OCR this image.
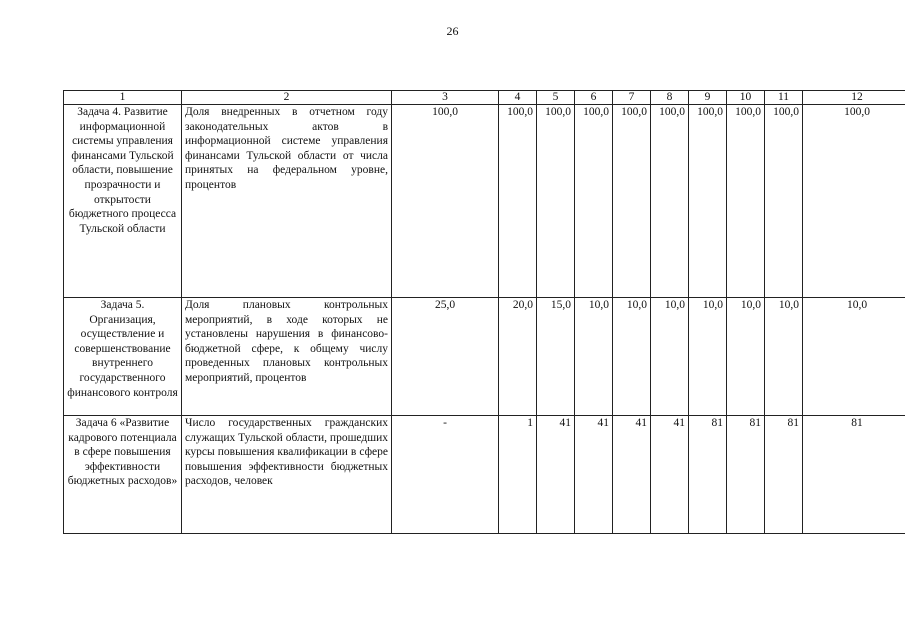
26
1	2	3	4	5	6	7	8	9	10	11	12
Задача 4. Развитие информационной системы управления финансами Тульской области, повышение прозрачности и открытости бюджетного процесса Тульской области	Доля внедренных в отчетном году законодательных актов в информационной системе управления финансами Тульской области от числа принятых на федеральном уровне, процентов	100,0	100,0	100,0	100,0	100,0	100,0	100,0	100,0	100,0	100,0
Задача 5. Организация, осуществление и совершенствование внутреннего государственного финансового контроля	Доля плановых контрольных мероприятий, в ходе которых не установлены нарушения в финансово-бюджетной сфере, к общему числу проведенных плановых контрольных мероприятий, процентов	25,0	20,0	15,0	10,0	10,0	10,0	10,0	10,0	10,0	10,0
Задача 6 «Развитие кадрового потенциала в сфере повышения эффективности бюджетных расходов»	Число государственных гражданских служащих Тульской области, прошедших курсы повышения квалификации в сфере повышения эффективности бюджетных расходов, человек	-	1	41	41	41	41	81	81	81	81
